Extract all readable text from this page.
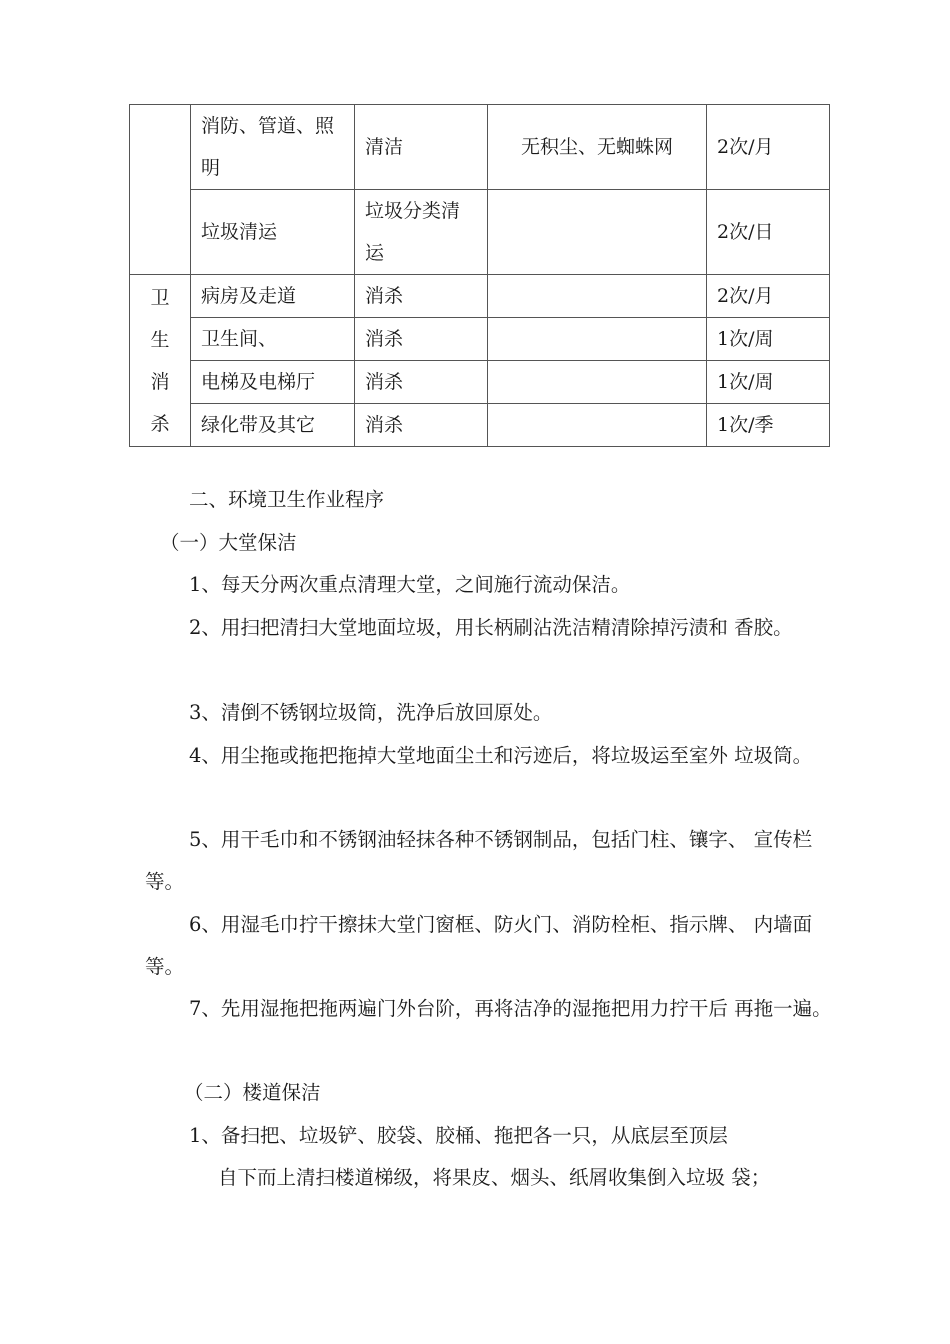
	消防、管道、照明	清洁	无积尘、无蜘蛛网	2次/月
	垃圾清运	垃圾分类清运		2次/日

卫生消杀	病房及走道	消杀		2次/月
	卫生间、	消杀		1次/周
	电梯及电梯厅	消杀		1次/周
	绿化带及其它	消杀		1次/季

二、环境卫生作业程序

（一）大堂保洁

1、每天分两次重点清理大堂，之间施行流动保洁。

2、用扫把清扫大堂地面垃圾，用长柄刷沾洗洁精清除掉污渍和 香胶。

3、清倒不锈钢垃圾筒，洗净后放回原处。

4、用尘拖或拖把拖掉大堂地面尘土和污迹后，将垃圾运至室外 垃圾筒。

5、用干毛巾和不锈钢油轻抹各种不锈钢制品，包括门柱、镶字、 宣传栏等。

6、用湿毛巾拧干擦抹大堂门窗框、防火门、消防栓柜、指示牌、 内墙面等。

7、先用湿拖把拖两遍门外台阶，再将洁净的湿拖把用力拧干后 再拖一遍。

（二）楼道保洁

1、备扫把、垃圾铲、胶袋、胶桶、拖把各一只，从底层至顶层

自下而上清扫楼道梯级，将果皮、烟头、纸屑收集倒入垃圾 袋；
